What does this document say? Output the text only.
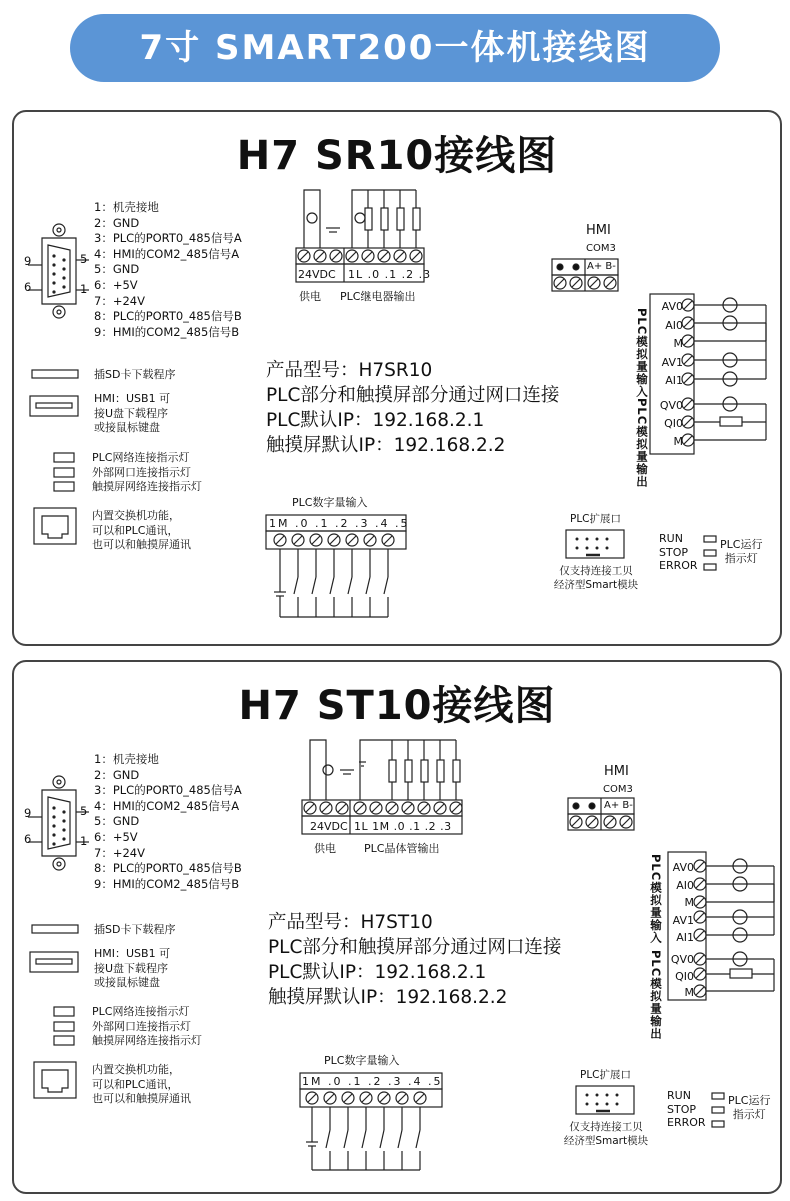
7寸 SMART200一体机接线图
H7 SR10接线图
1：机壳接地
2：GND
3：PLC的PORT0_485信号A
4：HMI的COM2_485信号A
5：GND
6：+5V
7：+24V
8：PLC的PORT0_485信号B
9：HMI的COM2_485信号B
9	5
6	1
24VDC 1L .0 .1 .2 .3
供电 PLC继电器输出
HMI
COM3
A+ B-
AV0
AI0
M
AV1
AI1
QV0
QI0
M
PLC模拟量输入
PLC模拟量输出
插SD卡下载程序
HMI：USB1 可
接U盘下载程序
或接鼠标键盘
PLC网络连接指示灯
外部网口连接指示灯
触摸屏网络连接指示灯
内置交换机功能，
可以和PLC通讯，
也可以和触摸屏通讯
产品型号：H7SR10
PLC部分和触摸屏部分通过网口连接
PLC默认IP：192.168.2.1
触摸屏默认IP：192.168.2.2
PLC数字量输入
1M .0 .1 .2 .3 .4 .5	PLC扩展口
仅支持连接工贝
经济型Smart模块
RUN
STOP
ERROR
PLC运行
指示灯
H7 ST10接线图
1：机壳接地
2：GND
3：PLC的PORT0_485信号A
4：HMI的COM2_485信号A
5：GND
6：+5V
7：+24V
8：PLC的PORT0_485信号B
9：HMI的COM2_485信号B
9	5
6	1
24VDC 1L 1M .0 .1 .2 .3
供电	PLC晶体管输出
HMI
COM3
A+ B-
AV0
AI0
M
AV1
AI1
QV0
QI0
M
PLC模拟量输入
PLC模拟量输出
插SD卡下载程序
HMI：USB1 可
接U盘下载程序
或接鼠标键盘
PLC网络连接指示灯
外部网口连接指示灯
触摸屏网络连接指示灯
内置交换机功能，
可以和PLC通讯，
也可以和触摸屏通讯
产品型号：H7ST10
PLC部分和触摸屏部分通过网口连接
PLC默认IP：192.168.2.1
触摸屏默认IP：192.168.2.2
PLC数字量输入
1M .0 .1 .2 .3 .4 .5	PLC扩展口
仅支持连接工贝
经济型Smart模块
RUN
STOP
ERROR
PLC运行
指示灯
